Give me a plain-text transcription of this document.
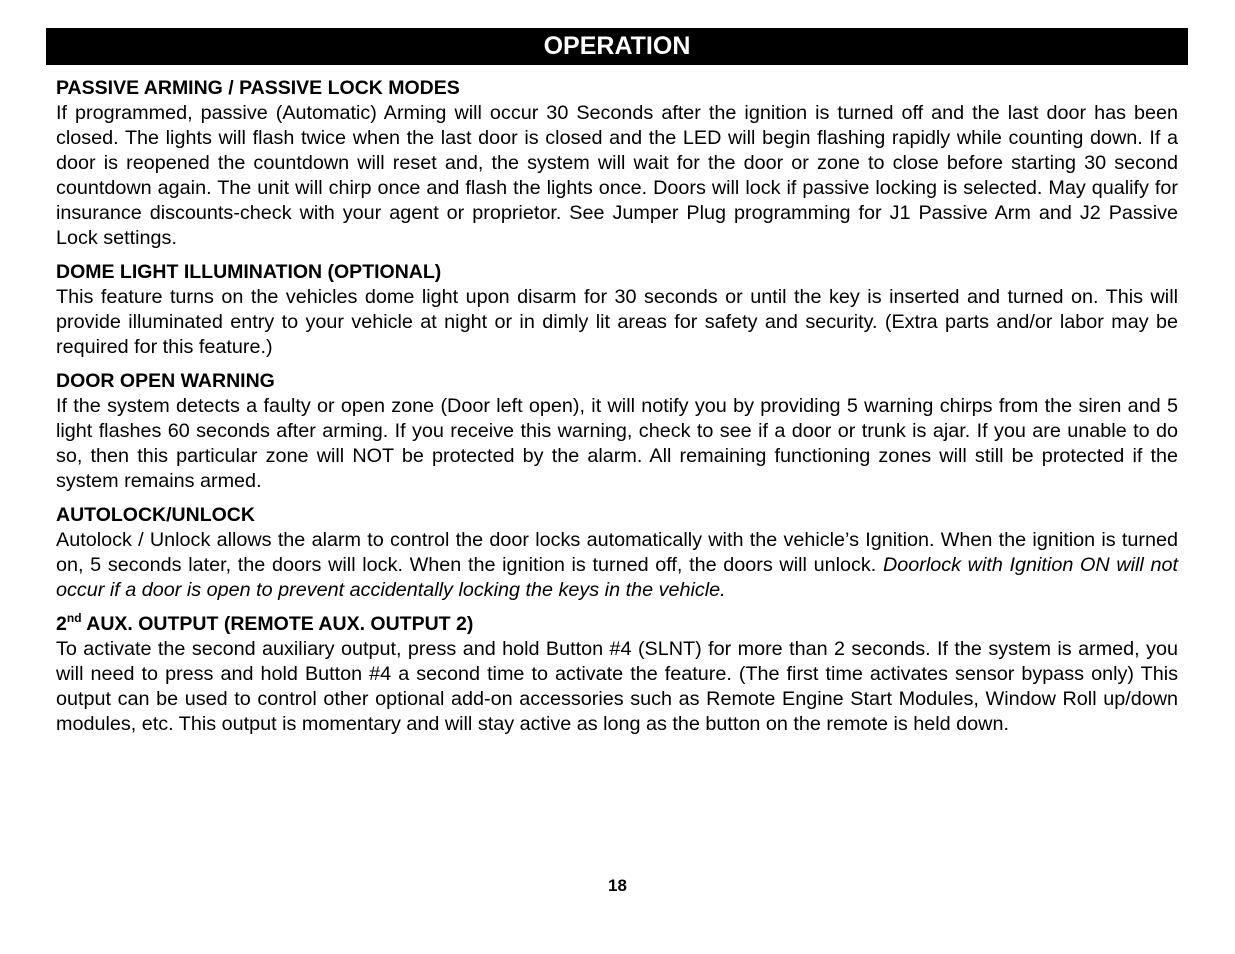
OPERATION

PASSIVE ARMING / PASSIVE LOCK MODES

If programmed, passive (Automatic) Arming will occur 30 Seconds after the ignition is turned off and the last door has been closed. The lights will flash twice when the last door is closed and the LED will begin flashing rapidly while counting down. If a door is reopened the countdown will reset and, the system will wait for the door or zone to close before starting 30 second countdown again. The unit will chirp once and flash the lights once. Doors will lock if passive locking is selected. May qualify for insurance discounts-check with your agent or proprietor. See Jumper Plug programming for J1 Passive Arm and J2 Passive Lock settings.

DOME LIGHT ILLUMINATION (OPTIONAL)

This feature turns on the vehicles dome light upon disarm for 30 seconds or until the key is inserted and turned on. This will provide illuminated entry to your vehicle at night or in dimly lit areas for safety and security. (Extra parts and/or labor may be required for this feature.)

DOOR OPEN WARNING

If the system detects a faulty or open zone (Door left open), it will notify you by providing 5 warning chirps from the siren and 5 light flashes 60 seconds after arming. If you receive this warning, check to see if a door or trunk is ajar. If you are unable to do so, then this particular zone will NOT be protected by the alarm. All remaining functioning zones will still be protected if the system remains armed.

AUTOLOCK/UNLOCK

Autolock / Unlock allows the alarm to control the door locks automatically with the vehicle’s Ignition. When the ignition is turned on, 5 seconds later, the doors will lock. When the ignition is turned off, the doors will unlock. Doorlock with Ignition ON will not occur if a door is open to prevent accidentally locking the keys in the vehicle.

2nd AUX. OUTPUT (REMOTE AUX. OUTPUT 2)

To activate the second auxiliary output, press and hold Button #4 (SLNT) for more than 2 seconds. If the system is armed, you will need to press and hold Button #4 a second time to activate the feature. (The first time activates sensor bypass only) This output can be used to control other optional add-on accessories such as Remote Engine Start Modules, Window Roll up/down modules, etc. This output is momentary and will stay active as long as the button on the remote is held down.

18
